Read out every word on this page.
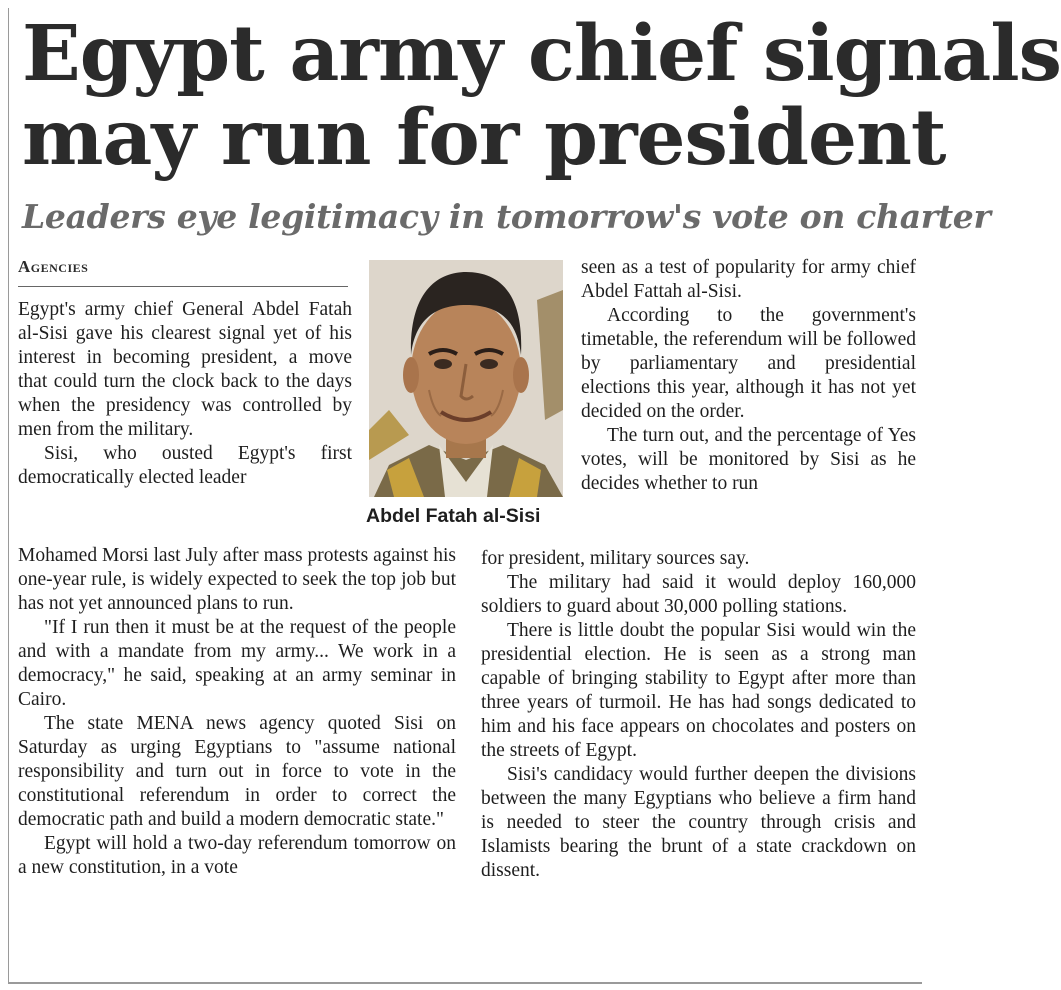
Egypt army chief signals
may run for president
Leaders eye legitimacy in tomorrow's vote on charter
Agencies

Egypt's army chief General Abdel Fatah al-Sisi gave his clearest signal yet of his interest in becoming president, a move that could turn the clock back to the days when the presidency was controlled by men from the military.

Sisi, who ousted Egypt's first democratically elected leader

Abdel Fatah al-Sisi

Mohamed Morsi last July after mass protests against his one-year rule, is widely expected to seek the top job but has not yet announced plans to run.

"If I run then it must be at the request of the people and with a mandate from my army... We work in a democracy," he said, speaking at an army seminar in Cairo.

The state MENA news agency quoted Sisi on Saturday as urging Egyptians to "assume national responsibility and turn out in force to vote in the constitutional referendum in order to correct the democratic path and build a modern democratic state."

Egypt will hold a two-day referendum tomorrow on a new constitution, in a vote

seen as a test of popularity for army chief Abdel Fattah al-Sisi.

According to the government's timetable, the referendum will be followed by parliamentary and presidential elections this year, although it has not yet decided on the order.

The turn out, and the percentage of Yes votes, will be monitored by Sisi as he decides whether to run

for president, military sources say.

The military had said it would deploy 160,000 soldiers to guard about 30,000 polling stations.

There is little doubt the popular Sisi would win the presidential election. He is seen as a strong man capable of bringing stability to Egypt after more than three years of turmoil. He has had songs dedicated to him and his face appears on chocolates and posters on the streets of Egypt.

Sisi's candidacy would further deepen the divisions between the many Egyptians who believe a firm hand is needed to steer the country through crisis and Islamists bearing the brunt of a state crackdown on dissent.
